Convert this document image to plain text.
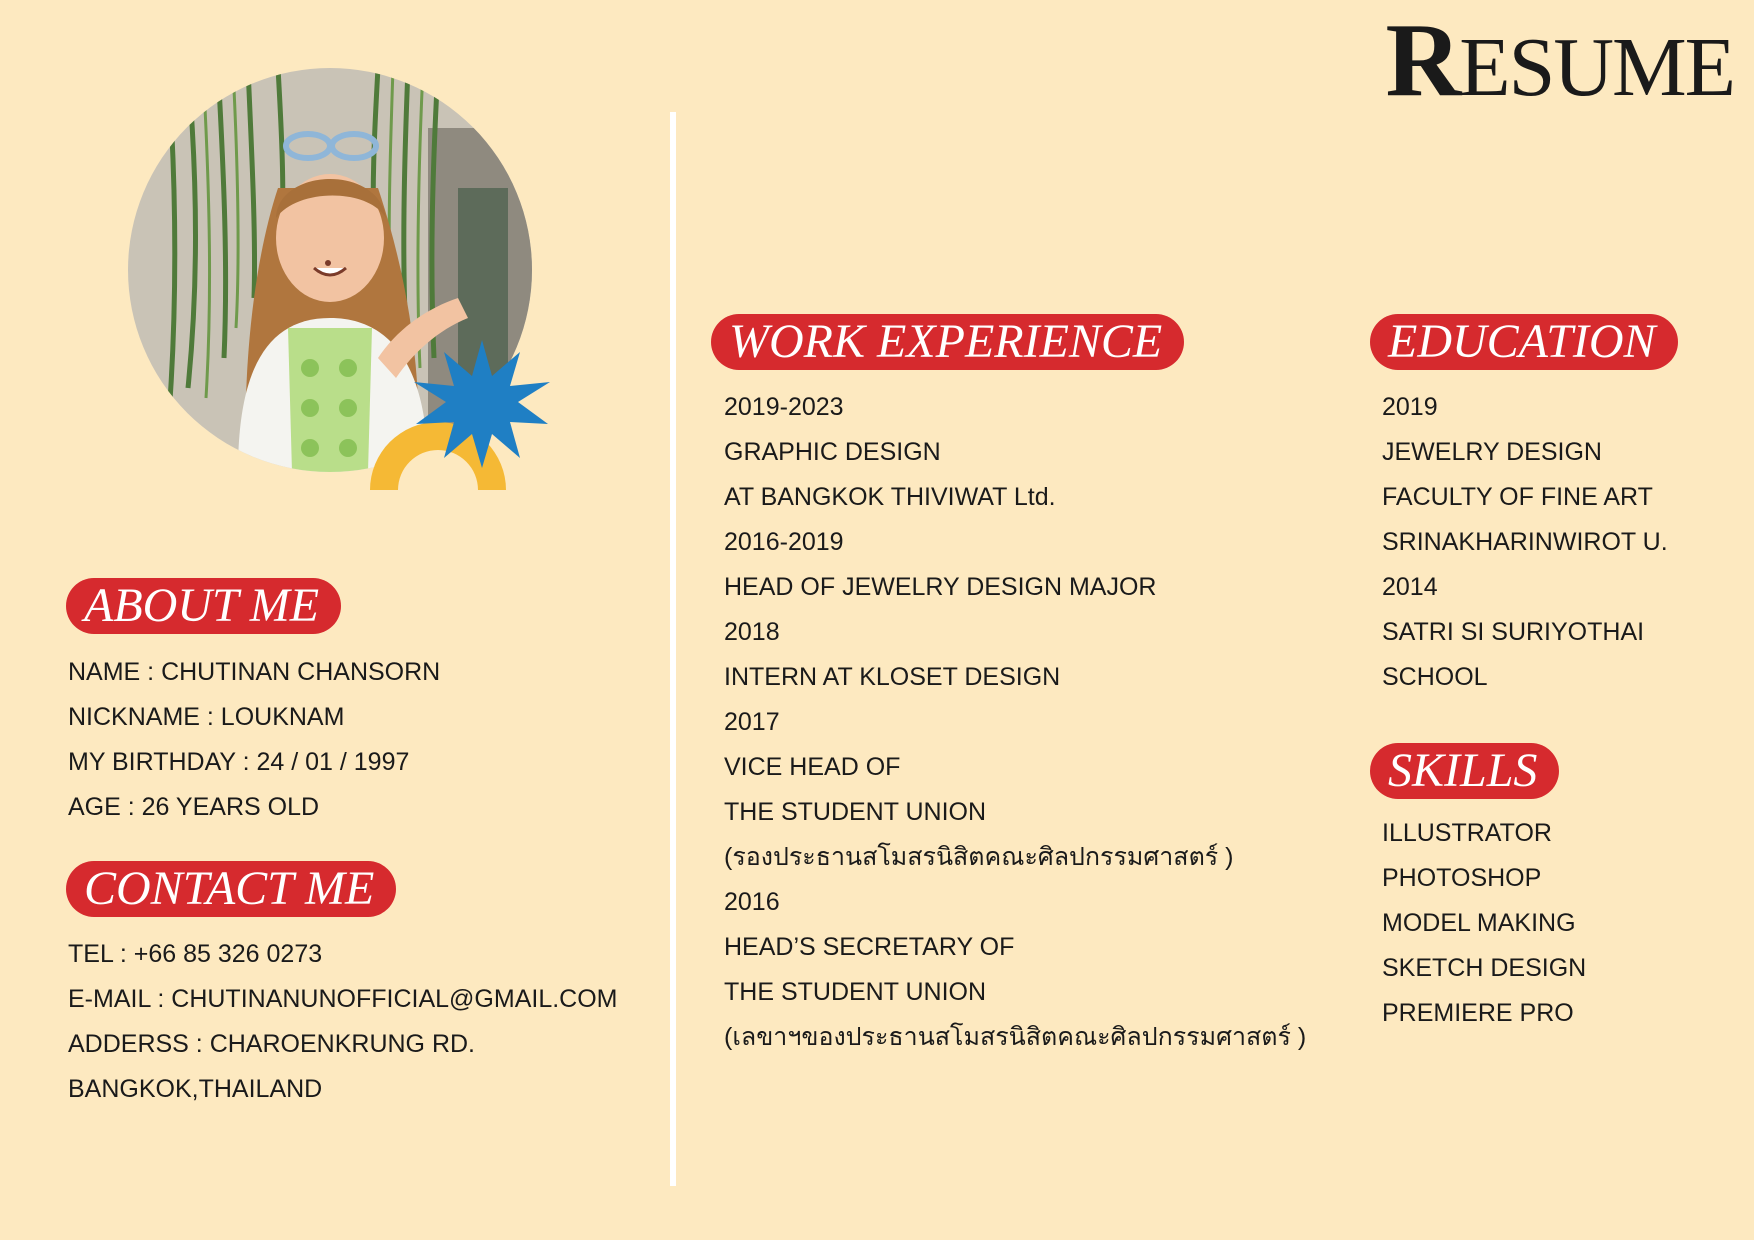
RESUME
ABOUT ME
NAME : CHUTINAN CHANSORN
NICKNAME : LOUKNAM
MY BIRTHDAY : 24 / 01 / 1997
AGE : 26 YEARS OLD
CONTACT ME
TEL : +66 85 326 0273
E-MAIL : CHUTINANUNOFFICIAL@GMAIL.COM
ADDERSS : CHAROENKRUNG RD.
BANGKOK,THAILAND
WORK EXPERIENCE
2019-2023
GRAPHIC DESIGN
AT BANGKOK THIVIWAT Ltd.
2016-2019
HEAD OF JEWELRY DESIGN MAJOR
2018
INTERN AT KLOSET DESIGN
2017
VICE HEAD OF
THE STUDENT UNION
(รองประธานสโมสรนิสิตคณะศิลปกรรมศาสตร์ )
2016
HEAD’S SECRETARY OF
THE STUDENT UNION
(เลขาฯของประธานสโมสรนิสิตคณะศิลปกรรมศาสตร์ )
EDUCATION
2019
JEWELRY DESIGN
FACULTY OF FINE ART
SRINAKHARINWIROT U.
2014
SATRI SI SURIYOTHAI
SCHOOL
SKILLS
ILLUSTRATOR
PHOTOSHOP
MODEL MAKING
SKETCH DESIGN
PREMIERE PRO
